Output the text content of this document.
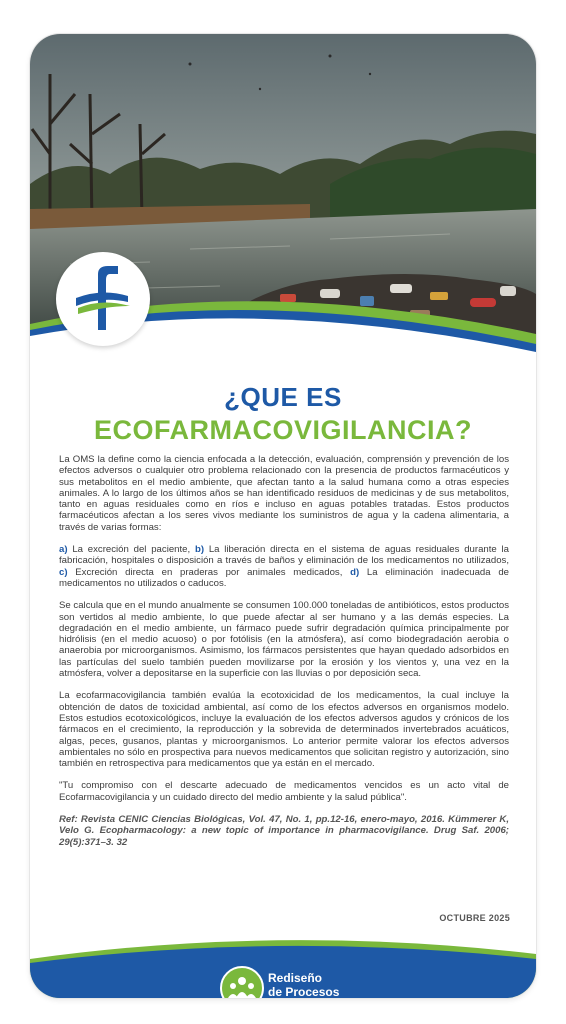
¿QUE ES
ECOFARMACOVIGILANCIA?

La OMS la define como la ciencia enfocada a la detección, evaluación, comprensión y prevención de los efectos adversos o cualquier otro problema relacionado con la presencia de productos farmacéuticos y sus metabolitos en el medio ambiente, que afectan tanto a la salud humana como a otras especies animales. A lo largo de los últimos años se han identificado residuos de medicinas y de sus metabolitos, tanto en aguas residuales como en ríos e incluso en aguas potables tratadas. Estos productos farmacéuticos afectan a los seres vivos mediante los suministros de agua y la cadena alimentaria, a través de varias formas:

a) La excreción del paciente, b) La liberación directa en el sistema de aguas residuales durante la fabricación, hospitales o disposición a través de baños y eliminación de los medicamentos no utilizados, c) Excreción directa en praderas por animales medicados, d) La eliminación inadecuada de medicamentos no utilizados o caducos.

Se calcula que en el mundo anualmente se consumen 100.000 toneladas de antibióticos, estos productos son vertidos al medio ambiente, lo que puede afectar al ser humano y a las demás especies. La degradación en el medio ambiente, un fármaco puede sufrir degradación química principalmente por hidrólisis (en el medio acuoso) o por fotólisis (en la atmósfera), así como biodegradación aerobia o anaerobia por microorganismos. Asimismo, los fármacos persistentes que hayan quedado adsorbidos en las partículas del suelo también pueden movilizarse por la erosión y los vientos y, una vez en la atmósfera, volver a depositarse en la superficie con las lluvias o por deposición seca.

La ecofarmacovigilancia también evalúa la ecotoxicidad de los medicamentos, la cual incluye la obtención de datos de toxicidad ambiental, así como de los efectos adversos en organismos modelo. Estos estudios ecotoxicológicos, incluye la evaluación de los efectos adversos agudos y crónicos de los fármacos en el crecimiento, la reproducción y la sobrevida de determinados invertebrados acuáticos, algas, peces, gusanos, plantas y microorganismos. Lo anterior permite valorar los efectos adversos ambientales no sólo en prospectiva para nuevos medicamentos que solicitan registro y autorización, sino también en retrospectiva para medicamentos que ya están en el mercado.

"Tu compromiso con el descarte adecuado de medicamentos vencidos es un acto vital de Ecofarmacovigilancia y un cuidado directo del medio ambiente y la salud pública".

Ref: Revista CENIC Ciencias Biológicas, Vol. 47, No. 1, pp.12-16, enero-mayo, 2016. Kümmerer K, Velo G. Ecopharmacology: a new topic of importance in pharmacovigilance. Drug Saf. 2006; 29(5):371–3. 32

OCTUBRE 2025
Rediseño
de Procesos
